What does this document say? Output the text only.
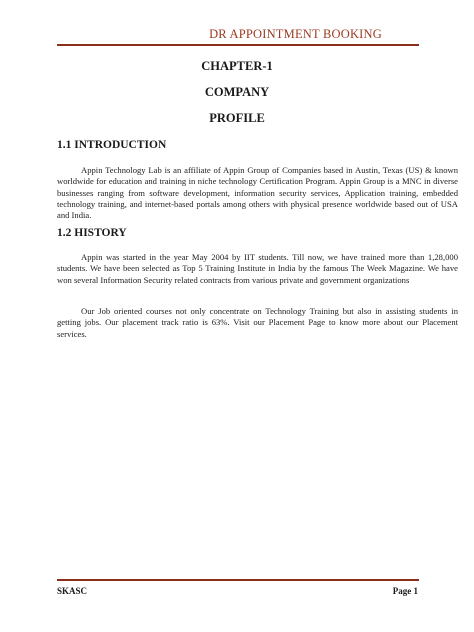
DR APPOINTMENT BOOKING
CHAPTER-1
COMPANY
PROFILE
1.1 INTRODUCTION

Appin Technology Lab is an affiliate of Appin Group of Companies based in Austin, Texas (US) & known worldwide for education and training in niche technology Certification Program. Appin Group is a MNC in diverse businesses ranging from software development, information security services, Application training, embedded technology training, and internet-based portals among others with physical presence worldwide based out of USA and India.

1.2 HISTORY

Appin was started in the year May 2004 by IIT students. Till now, we have trained more than 1,28,000 students. We have been selected as Top 5 Training Institute in India by the famous The Week Magazine. We have won several Information Security related contracts from various private and government organizations

Our Job oriented courses not only concentrate on Technology Training but also in assisting students in getting jobs. Our placement track ratio is 63%. Visit our Placement Page to know more about our Placement services.

SKASC	Page 1
